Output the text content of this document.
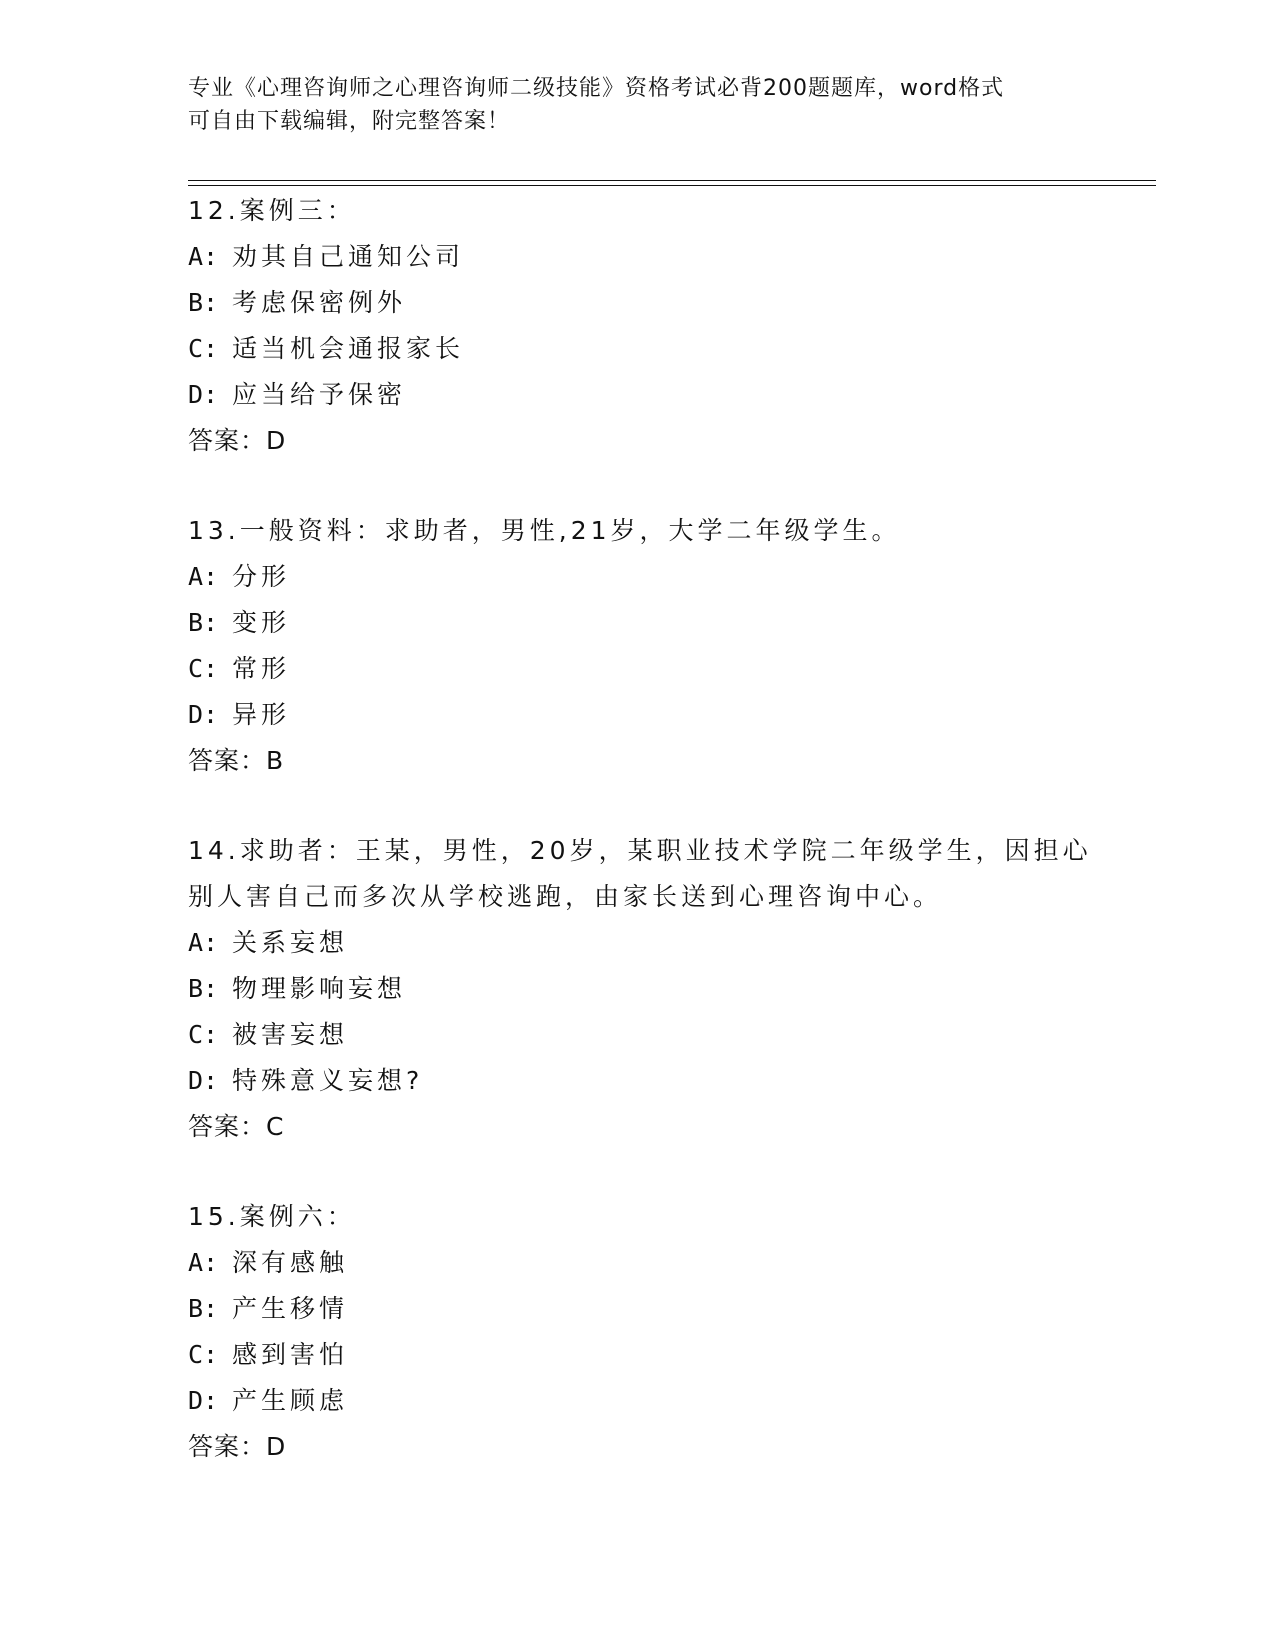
专业《心理咨询师之心理咨询师二级技能》资格考试必背200题题库，word格式
可自由下载编辑，附完整答案！
12.案例三：
A: 劝其自己通知公司
B: 考虑保密例外
C: 适当机会通报家长
D: 应当给予保密
答案：D
13.一般资料：求助者，男性,21岁，大学二年级学生。
A: 分形
B: 变形
C: 常形
D: 异形
答案：B
14.求助者：王某，男性，20岁，某职业技术学院二年级学生，因担心
别人害自己而多次从学校逃跑，由家长送到心理咨询中心。
A: 关系妄想
B: 物理影响妄想
C: 被害妄想
D: 特殊意义妄想?
答案：C
15.案例六：
A: 深有感触
B: 产生移情
C: 感到害怕
D: 产生顾虑
答案：D
